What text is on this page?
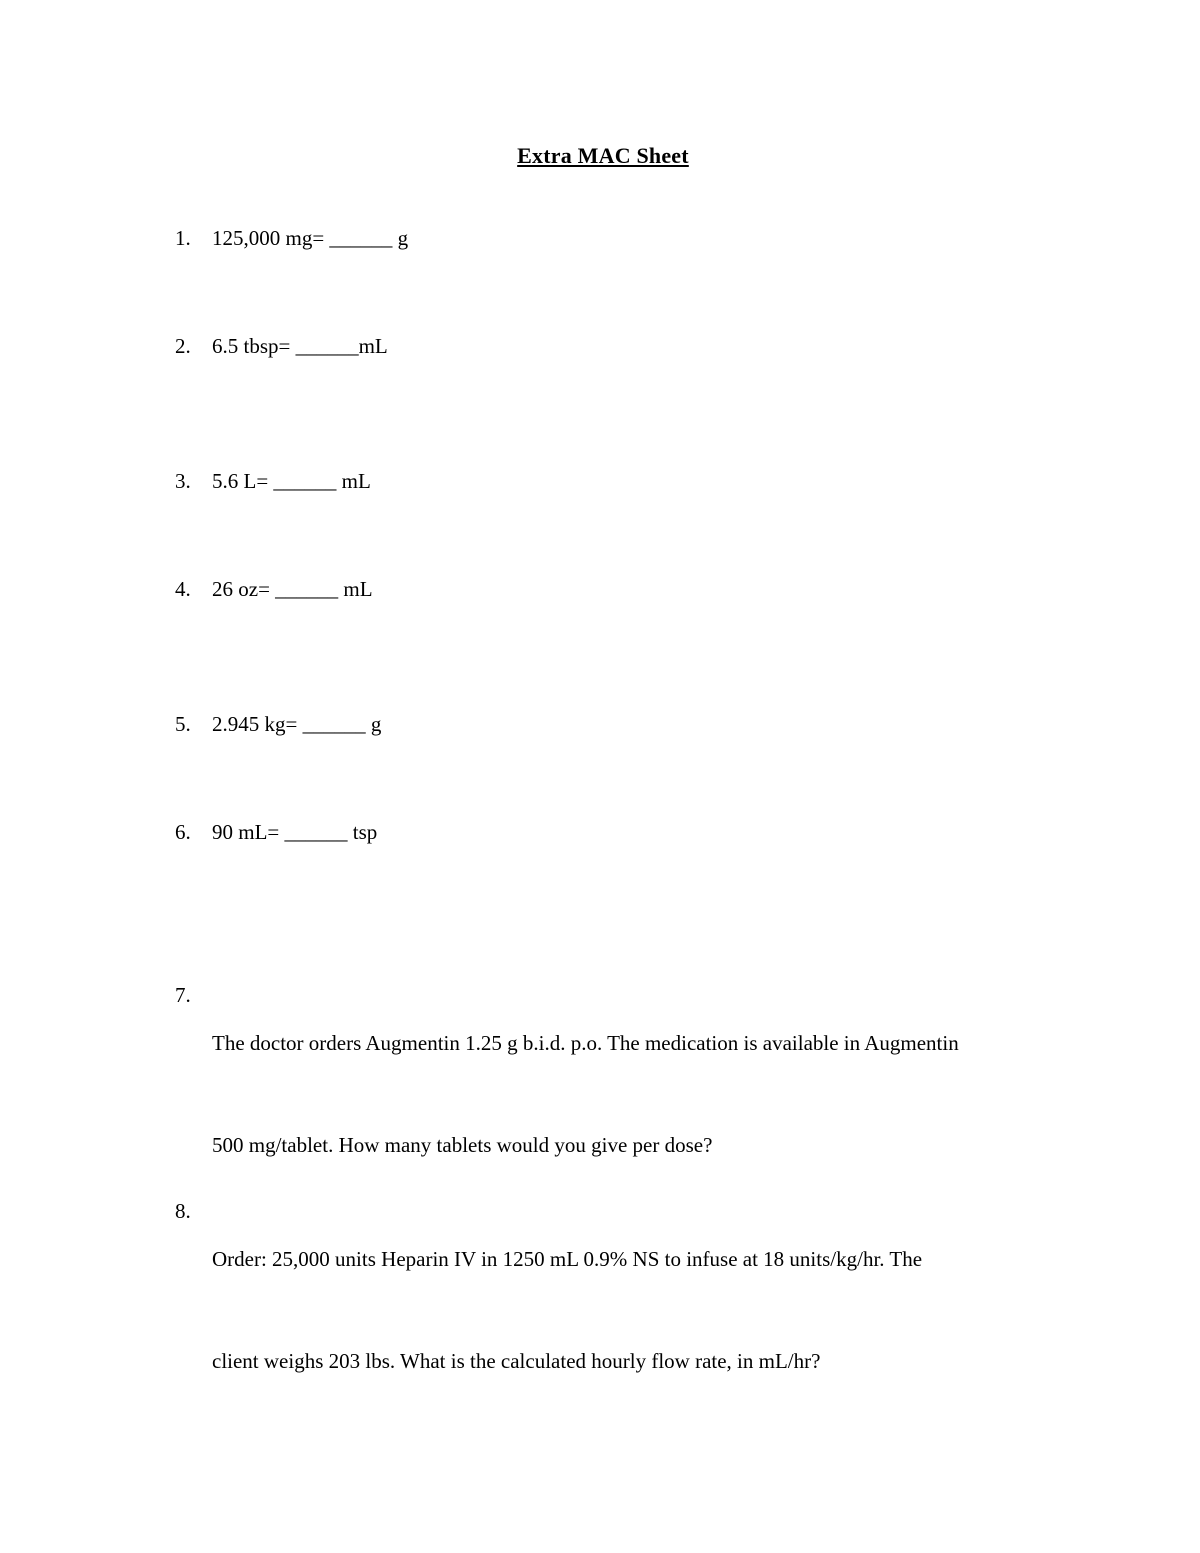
Extra MAC Sheet
1. 125,000 mg= ______ g
2. 6.5 tbsp= ______mL
3. 5.6 L= ______ mL
4. 26 oz= ______ mL
5. 2.945 kg= ______ g
6. 90 mL= ______ tsp
7.

The doctor orders Augmentin 1.25 g b.i.d. p.o. The medication is available in Augmentin

500 mg/tablet. How many tablets would you give per dose?

8.

Order: 25,000 units Heparin IV in 1250 mL 0.9% NS to infuse at 18 units/kg/hr. The

client weighs 203 lbs. What is the calculated hourly flow rate, in mL/hr?
